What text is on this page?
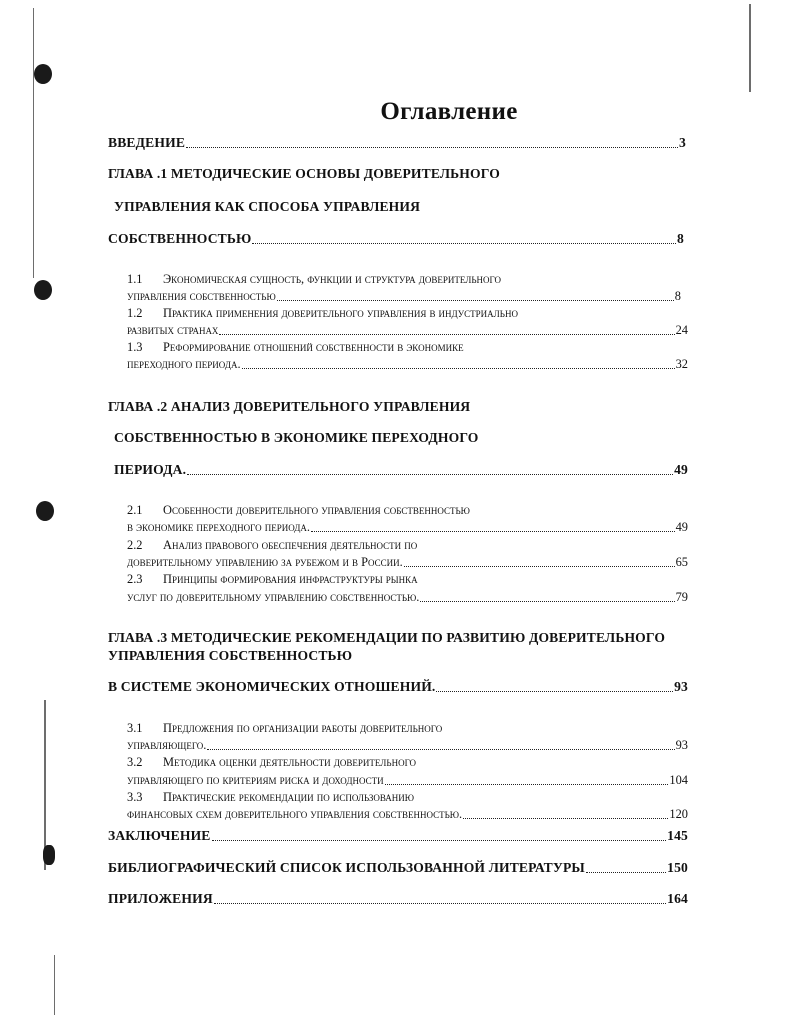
Оглавление
ВВЕДЕНИЕ	3
ГЛАВА .1 МЕТОДИЧЕСКИЕ ОСНОВЫ ДОВЕРИТЕЛЬНОГО
УПРАВЛЕНИЯ КАК СПОСОБА УПРАВЛЕНИЯ
СОБСТВЕННОСТЬЮ	8
1.1 Экономическая сущность, функции и структура доверительного
управления собственностью	8
1.2 Практика применения доверительного управления в индустриально
развитых странах	24
1.3 Реформирование отношений собственности в экономике
переходного периода.	32
ГЛАВА .2 АНАЛИЗ ДОВЕРИТЕЛЬНОГО УПРАВЛЕНИЯ
СОБСТВЕННОСТЬЮ В ЭКОНОМИКЕ ПЕРЕХОДНОГО
ПЕРИОДА.	49
2.1 Особенности доверительного управления собственностью
в экономике переходного периода.	49
2.2 Анализ правового обеспечения деятельности по
доверительному управлению за рубежом и в России.	65
2.3 Принципы формирования инфраструктуры рынка
услуг по доверительному управлению собственностью.	79
ГЛАВА .3 МЕТОДИЧЕСКИЕ РЕКОМЕНДАЦИИ ПО РАЗВИТИЮ ДОВЕРИТЕЛЬНОГО
УПРАВЛЕНИЯ СОБСТВЕННОСТЬЮ
В СИСТЕМЕ ЭКОНОМИЧЕСКИХ ОТНОШЕНИЙ.	93
3.1 Предложения по организации работы доверительного
управляющего.	93
3.2 Методика оценки деятельности доверительного
управляющего по критериям риска и доходности	104
3.3 Практические рекомендации по использованию
финансовых схем доверительного управления собственностью.	120
ЗАКЛЮЧЕНИЕ	145
БИБЛИОГРАФИЧЕСКИЙ СПИСОК ИСПОЛЬЗОВАННОЙ ЛИТЕРАТУРЫ	150
ПРИЛОЖЕНИЯ	164
